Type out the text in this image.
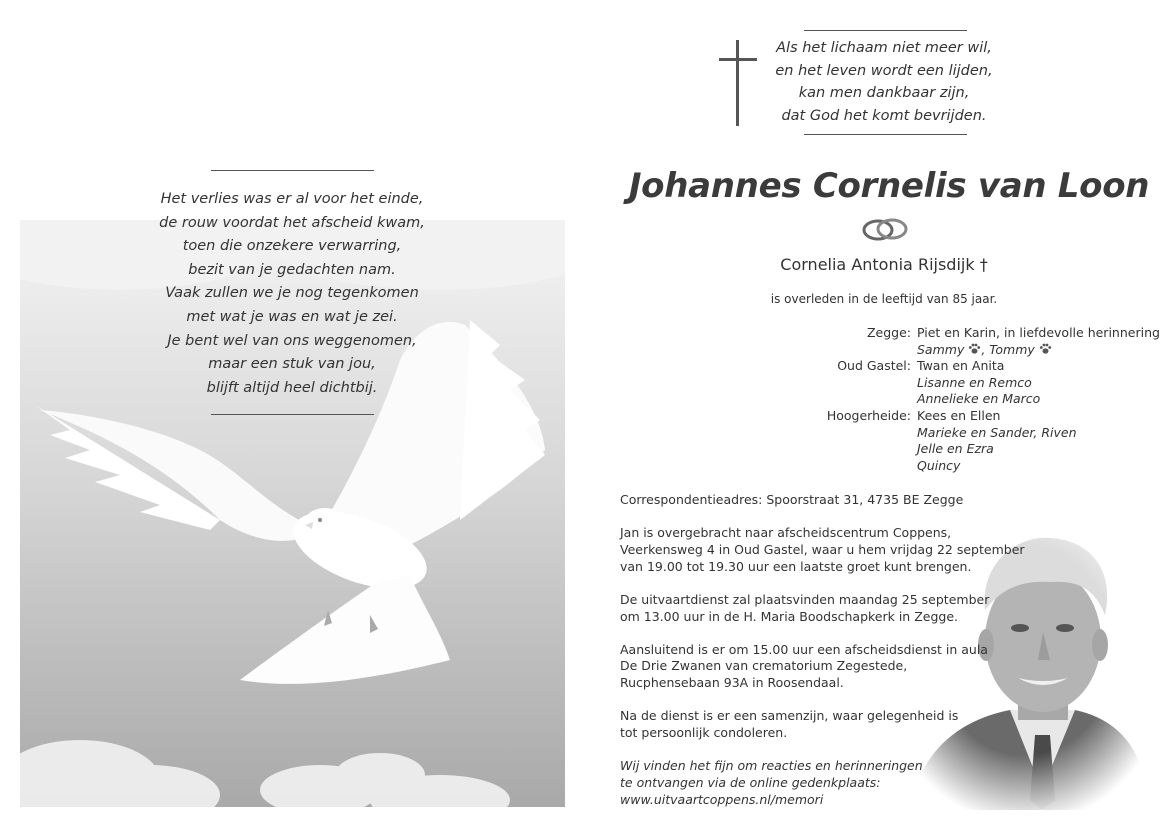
Het verlies was er al voor het einde,
de rouw voordat het afscheid kwam,
toen die onzekere verwarring,
bezit van je gedachten nam.
Vaak zullen we je nog tegenkomen
met wat je was en wat je zei.
Je bent wel van ons weggenomen,
maar een stuk van jou,
blijft altijd heel dichtbij.
Als het lichaam niet meer wil,
en het leven wordt een lijden,
kan men dankbaar zijn,
dat God het komt bevrijden.
Johannes Cornelis van Loon
Cornelia Antonia Rijsdijk †
is overleden in de leeftijd van 85 jaar.
Zegge: Piet en Karin, in liefdevolle herinnering
Sammy , Tommy
Oud Gastel: Twan en Anita
Lisanne en Remco
Annelieke en Marco
Hoogerheide: Kees en Ellen
Marieke en Sander, Riven
Jelle en Ezra
Quincy

Correspondentieadres: Spoorstraat 31, 4735 BE Zegge

Jan is overgebracht naar afscheidscentrum Coppens,
Veerkensweg 4 in Oud Gastel, waar u hem vrijdag 22 september
van 19.00 tot 19.30 uur een laatste groet kunt brengen.

De uitvaartdienst zal plaatsvinden maandag 25 september
om 13.00 uur in de H. Maria Boodschapkerk in Zegge.

Aansluitend is er om 15.00 uur een afscheidsdienst in aula
De Drie Zwanen van crematorium Zegestede,
Rucphensebaan 93A in Roosendaal.

Na de dienst is er een samenzijn, waar gelegenheid is
tot persoonlijk condoleren.

Wij vinden het fijn om reacties en herinneringen
te ontvangen via de online gedenkplaats:
www.uitvaartcoppens.nl/memori
